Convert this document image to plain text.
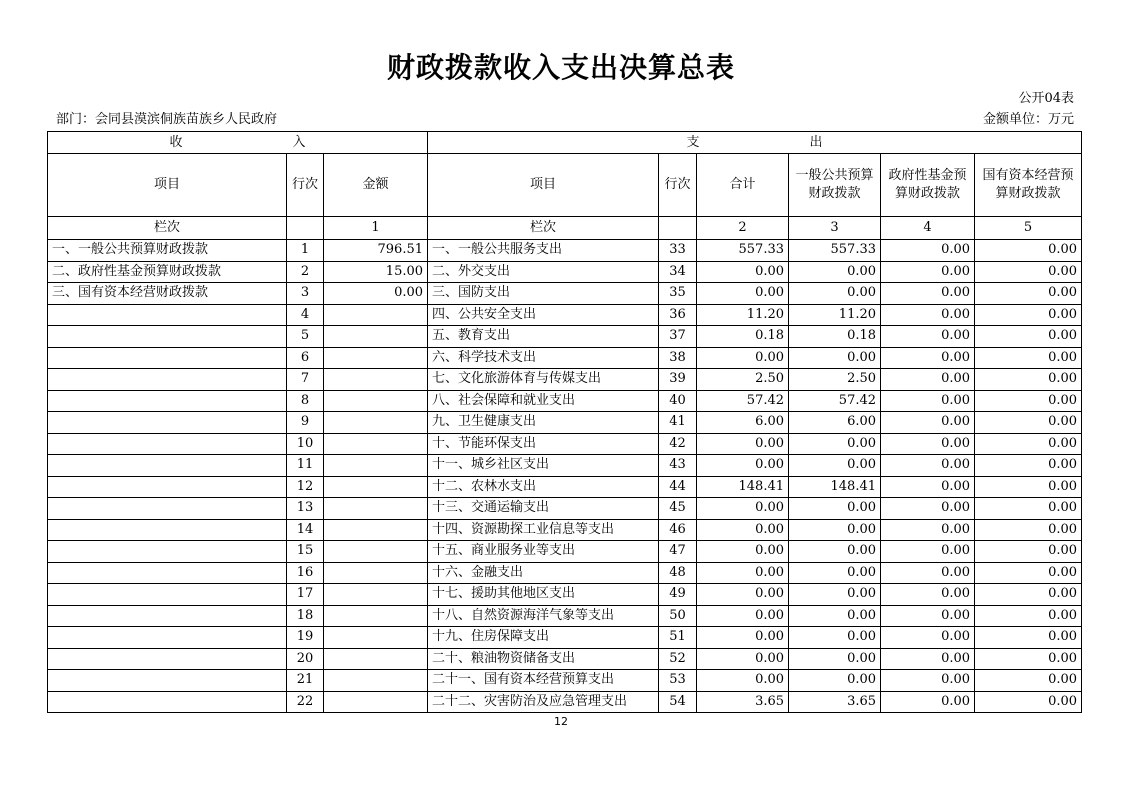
财政拨款收入支出决算总表
公开04表
部门：会同县漠滨侗族苗族乡人民政府	金额单位：万元
收　　入			支　　出					
项目	行次	金额	项目	行次	合计	一般公共预算财政拨款	政府性基金预算财政拨款	国有资本经营预算财政拨款
栏次		1	栏次		2	3	4	5
一、一般公共预算财政拨款	1	796.51	一、一般公共服务支出	33	557.33	557.33	0.00	0.00
二、政府性基金预算财政拨款	2	15.00	二、外交支出	34	0.00	0.00	0.00	0.00
三、国有资本经营财政拨款	3	0.00	三、国防支出	35	0.00	0.00	0.00	0.00
	4		四、公共安全支出	36	11.20	11.20	0.00	0.00
	5		五、教育支出	37	0.18	0.18	0.00	0.00
	6		六、科学技术支出	38	0.00	0.00	0.00	0.00
	7		七、文化旅游体育与传媒支出	39	2.50	2.50	0.00	0.00
	8		八、社会保障和就业支出	40	57.42	57.42	0.00	0.00
	9		九、卫生健康支出	41	6.00	6.00	0.00	0.00
	10		十、节能环保支出	42	0.00	0.00	0.00	0.00
	11		十一、城乡社区支出	43	0.00	0.00	0.00	0.00
	12		十二、农林水支出	44	148.41	148.41	0.00	0.00
	13		十三、交通运输支出	45	0.00	0.00	0.00	0.00
	14		十四、资源勘探工业信息等支出	46	0.00	0.00	0.00	0.00
	15		十五、商业服务业等支出	47	0.00	0.00	0.00	0.00
	16		十六、金融支出	48	0.00	0.00	0.00	0.00
	17		十七、援助其他地区支出	49	0.00	0.00	0.00	0.00
	18		十八、自然资源海洋气象等支出	50	0.00	0.00	0.00	0.00
	19		十九、住房保障支出	51	0.00	0.00	0.00	0.00
	20		二十、粮油物资储备支出	52	0.00	0.00	0.00	0.00
	21		二十一、国有资本经营预算支出	53	0.00	0.00	0.00	0.00
	22		二十二、灾害防治及应急管理支出	54	3.65	3.65	0.00	0.00
12
